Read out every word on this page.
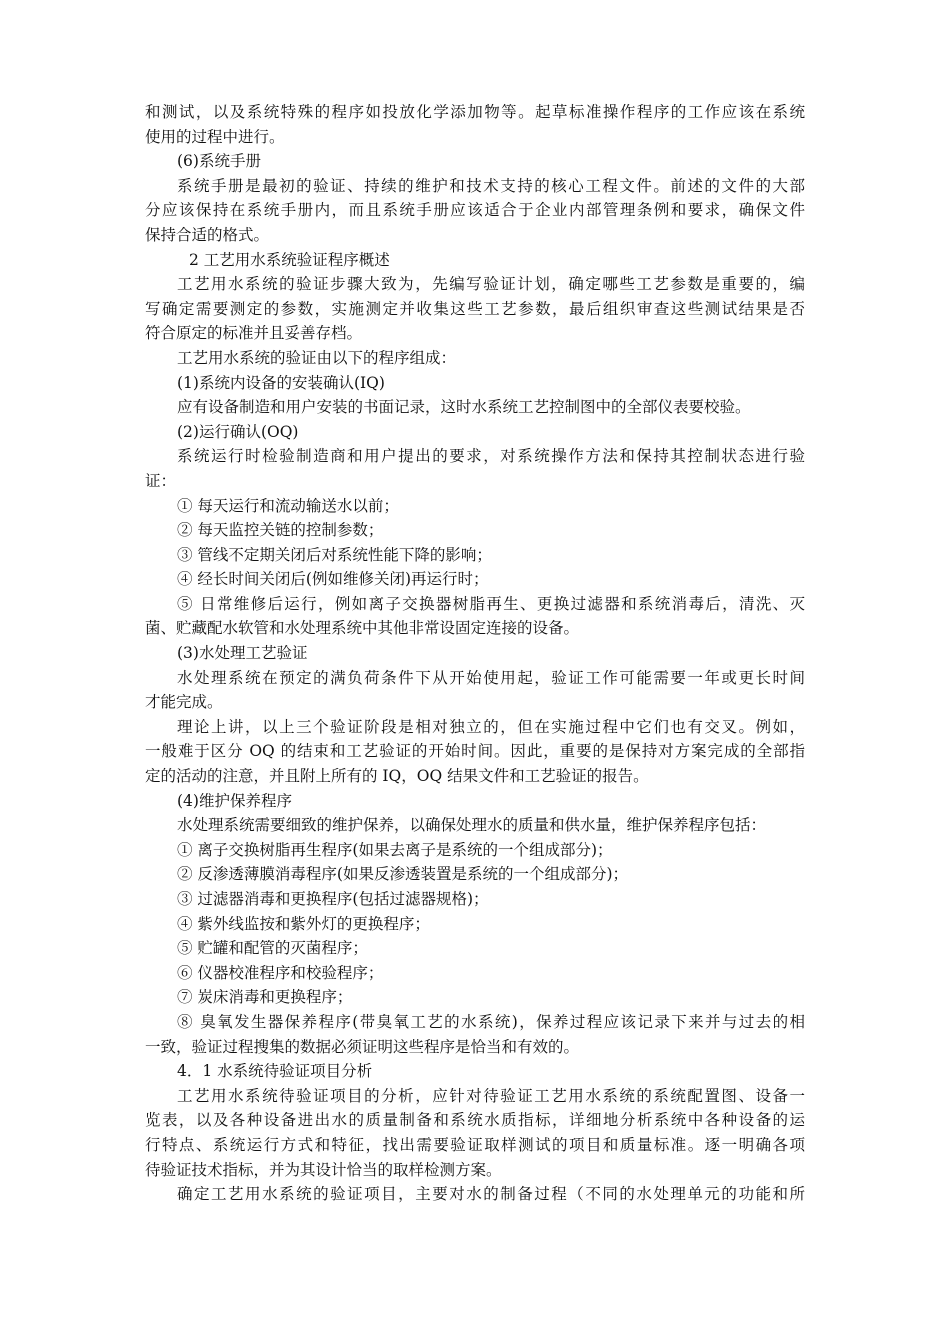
和测试，以及系统特殊的程序如投放化学添加物等。起草标准操作程序的工作应该在系统
使用的过程中进行。
(6)系统手册
系统手册是最初的验证、持续的维护和技术支持的核心工程文件。前述的文件的大部
分应该保持在系统手册内，而且系统手册应该适合于企业内部管理条例和要求，确保文件
保持合适的格式。
2 工艺用水系统验证程序概述
工艺用水系统的验证步骤大致为，先编写验证计划，确定哪些工艺参数是重要的，编
写确定需要测定的参数，实施测定并收集这些工艺参数，最后组织审查这些测试结果是否
符合原定的标准并且妥善存档。
工艺用水系统的验证由以下的程序组成：
(1)系统内设备的安装确认(IQ)
应有设备制造和用户安装的书面记录，这时水系统工艺控制图中的全部仪表要校验。
(2)运行确认(OQ)
系统运行时检验制造商和用户提出的要求，对系统操作方法和保持其控制状态进行验
证：
① 每天运行和流动输送水以前；
② 每天监控关链的控制参数；
③ 管线不定期关闭后对系统性能下降的影响；
④ 经长时间关闭后(例如维修关闭)再运行时；
⑤ 日常维修后运行，例如离子交换器树脂再生、更换过滤器和系统消毒后，清洗、灭
菌、贮藏配水软管和水处理系统中其他非常设固定连接的设备。
(3)水处理工艺验证
水处理系统在预定的满负荷条件下从开始使用起，验证工作可能需要一年或更长时间
才能完成。
理论上讲，以上三个验证阶段是相对独立的，但在实施过程中它们也有交叉。例如，
一般难于区分 OQ 的结束和工艺验证的开始时间。因此，重要的是保持对方案完成的全部指
定的活动的注意，并且附上所有的 IQ，OQ 结果文件和工艺验证的报告。
(4)维护保养程序
水处理系统需要细致的维护保养，以确保处理水的质量和供水量，维护保养程序包括：
① 离子交换树脂再生程序(如果去离子是系统的一个组成部分)；
② 反渗透薄膜消毒程序(如果反渗透装置是系统的一个组成部分)；
③ 过滤器消毒和更换程序(包括过滤器规格)；
④ 紫外线监按和紫外灯的更换程序；
⑤ 贮罐和配管的灭菌程序；
⑥ 仪器校准程序和校验程序；
⑦ 炭床消毒和更换程序；
⑧ 臭氧发生器保养程序(带臭氧工艺的水系统)，保养过程应该记录下来并与过去的相
一致，验证过程搜集的数据必须证明这些程序是恰当和有效的。
4．1 水系统待验证项目分析
工艺用水系统待验证项目的分析，应针对待验证工艺用水系统的系统配置图、设备一
览表，以及各种设备进出水的质量制备和系统水质指标，详细地分析系统中各种设备的运
行特点、系统运行方式和特征，找出需要验证取样测试的项目和质量标准。逐一明确各项
待验证技术指标，并为其设计恰当的取样检测方案。
确定工艺用水系统的验证项目，主要对水的制备过程（不同的水处理单元的功能和所
